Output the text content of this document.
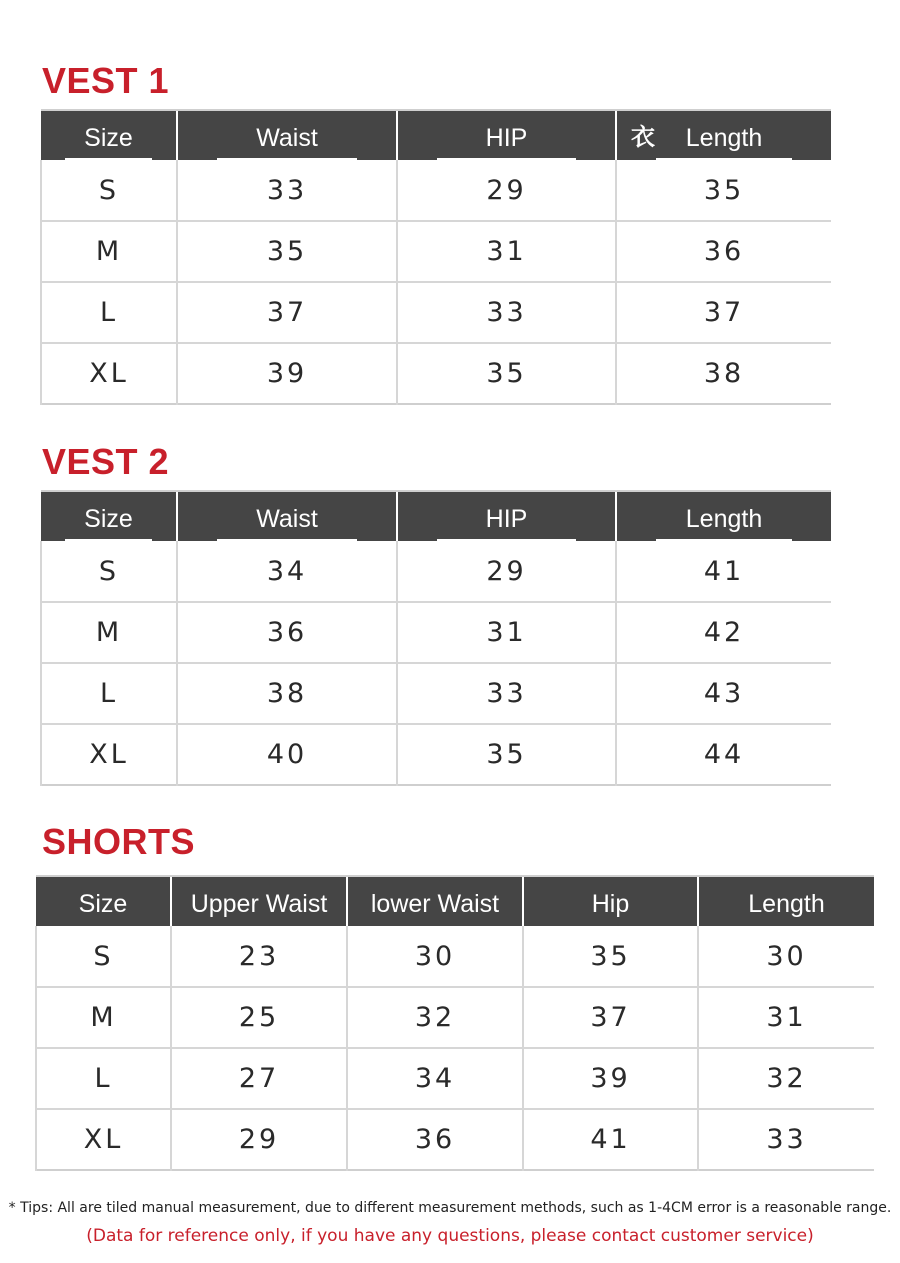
VEST 1
Size	Waist	HIP	衣 Length

S	33	29	35
M	35	31	36
L	37	33	37
XL	39	35	38
VEST 2
Size	Waist	HIP	Length

S	34	29	41
M	36	31	42
L	38	33	43
XL	40	35	44
SHORTS
Size	Upper Waist	lower Waist	Hip	Length
S	23	30	35	30
M	25	32	37	31
L	27	34	39	32
XL	29	36	41	33
* Tips: All are tiled manual measurement, due to different measurement methods, such as 1-4CM error is a reasonable range.
(Data for reference only, if you have any questions, please contact customer service)
